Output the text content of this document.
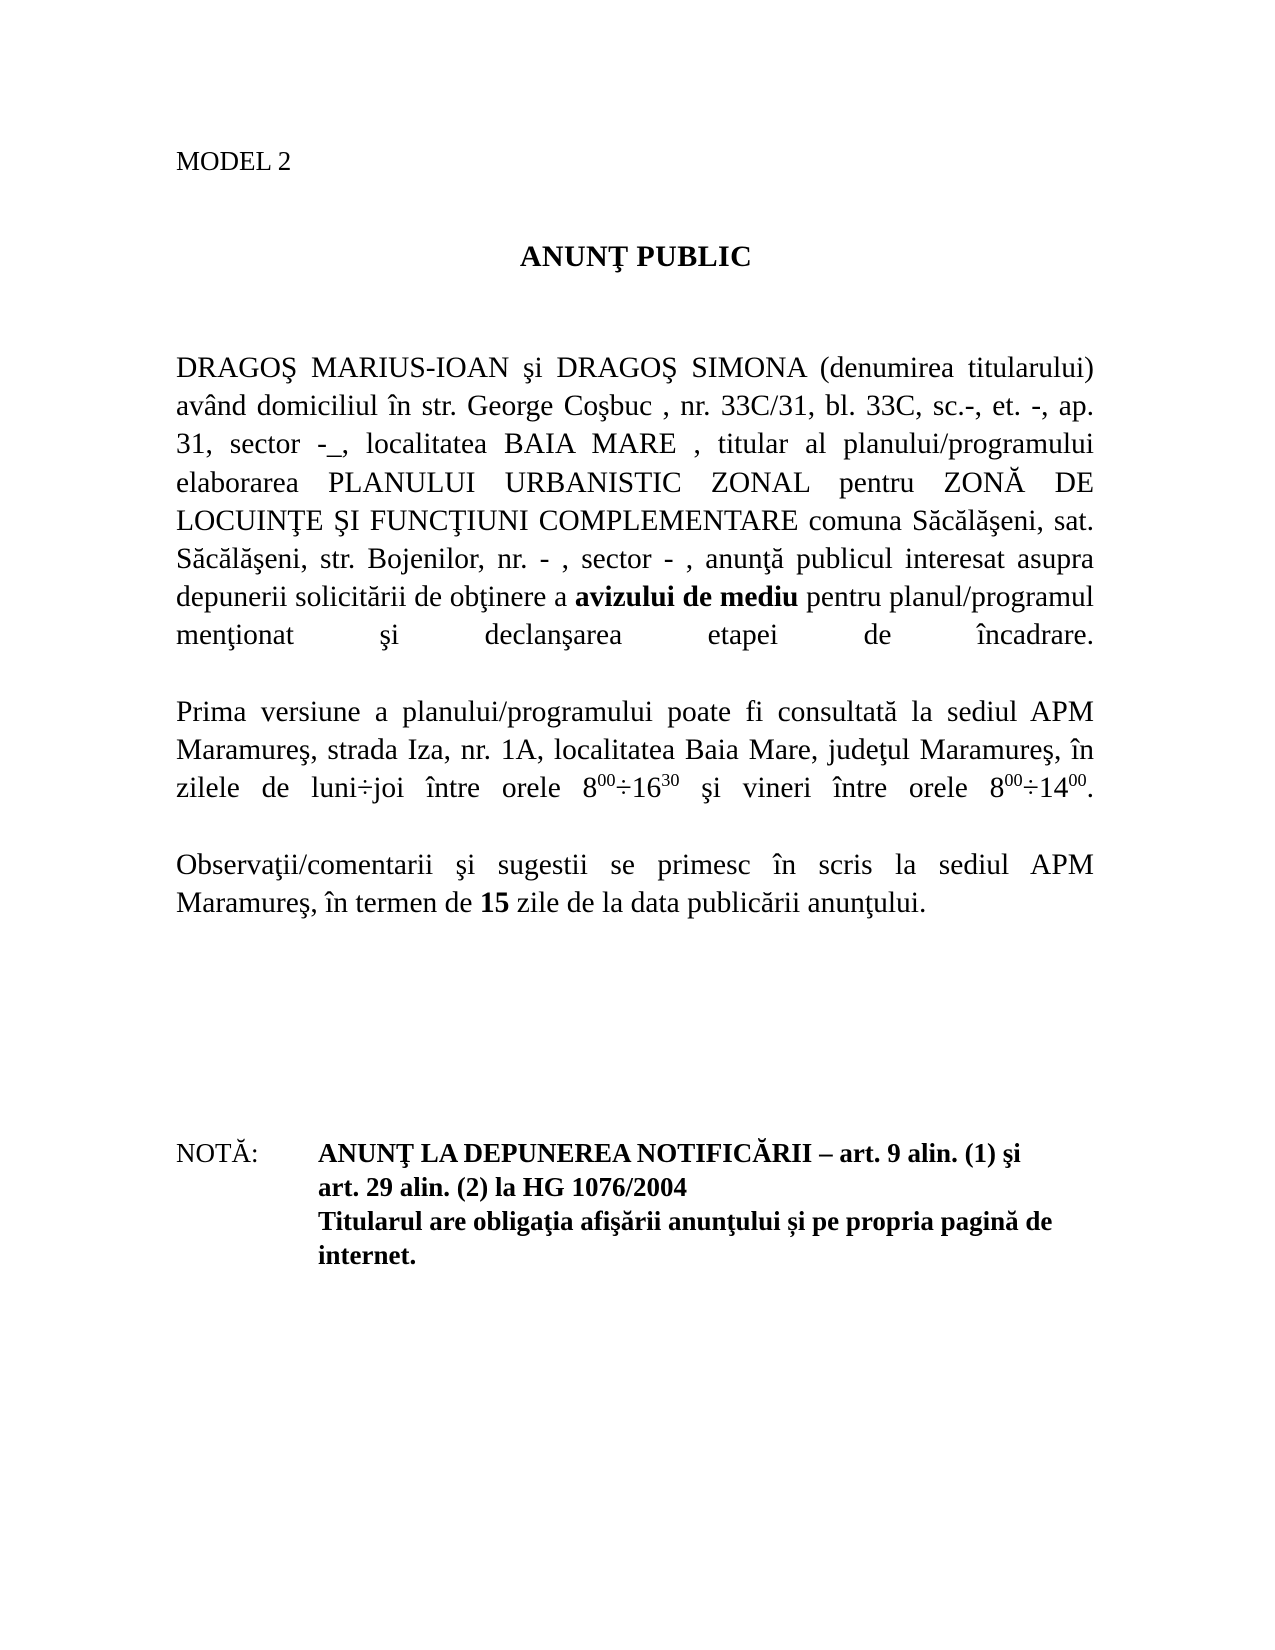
MODEL 2
ANUNŢ PUBLIC

DRAGOŞ MARIUS-IOAN şi DRAGOŞ SIMONA (denumirea titularului) având domiciliul în str. George Coşbuc , nr. 33C/31, bl. 33C, sc.-, et. -, ap. 31, sector -_, localitatea BAIA MARE , titular al planului/programului elaborarea PLANULUI URBANISTIC ZONAL pentru ZONĂ DE LOCUINŢE ŞI FUNCŢIUNI COMPLEMENTARE comuna Săcălăşeni, sat. Săcălăşeni, str. Bojenilor, nr. - , sector - , anunţă publicul interesat asupra depunerii solicitării de obţinere a avizului de mediu pentru planul/programul menţionat şi declanşarea etapei de încadrare.

Prima versiune a planului/programului poate fi consultată la sediul APM Maramureş, strada Iza, nr. 1A, localitatea Baia Mare, judeţul Maramureş, în zilele de luni÷joi între orele $8^{00}\div 16^{30}$ şi vineri între orele $8^{00}\div 14^{00}$.

Observaţii/comentarii şi sugestii se primesc în scris la sediul APM Maramureş, în termen de 15 zile de la data publicării anunţului.

NOTĂ:	ANUNŢ LA DEPUNEREA NOTIFICĂRII – art. 9 alin. (1) şi
art. 29 alin. (2) la HG 1076/2004
Titularul are obligaţia afişării anunţului și pe propria pagină de internet.
